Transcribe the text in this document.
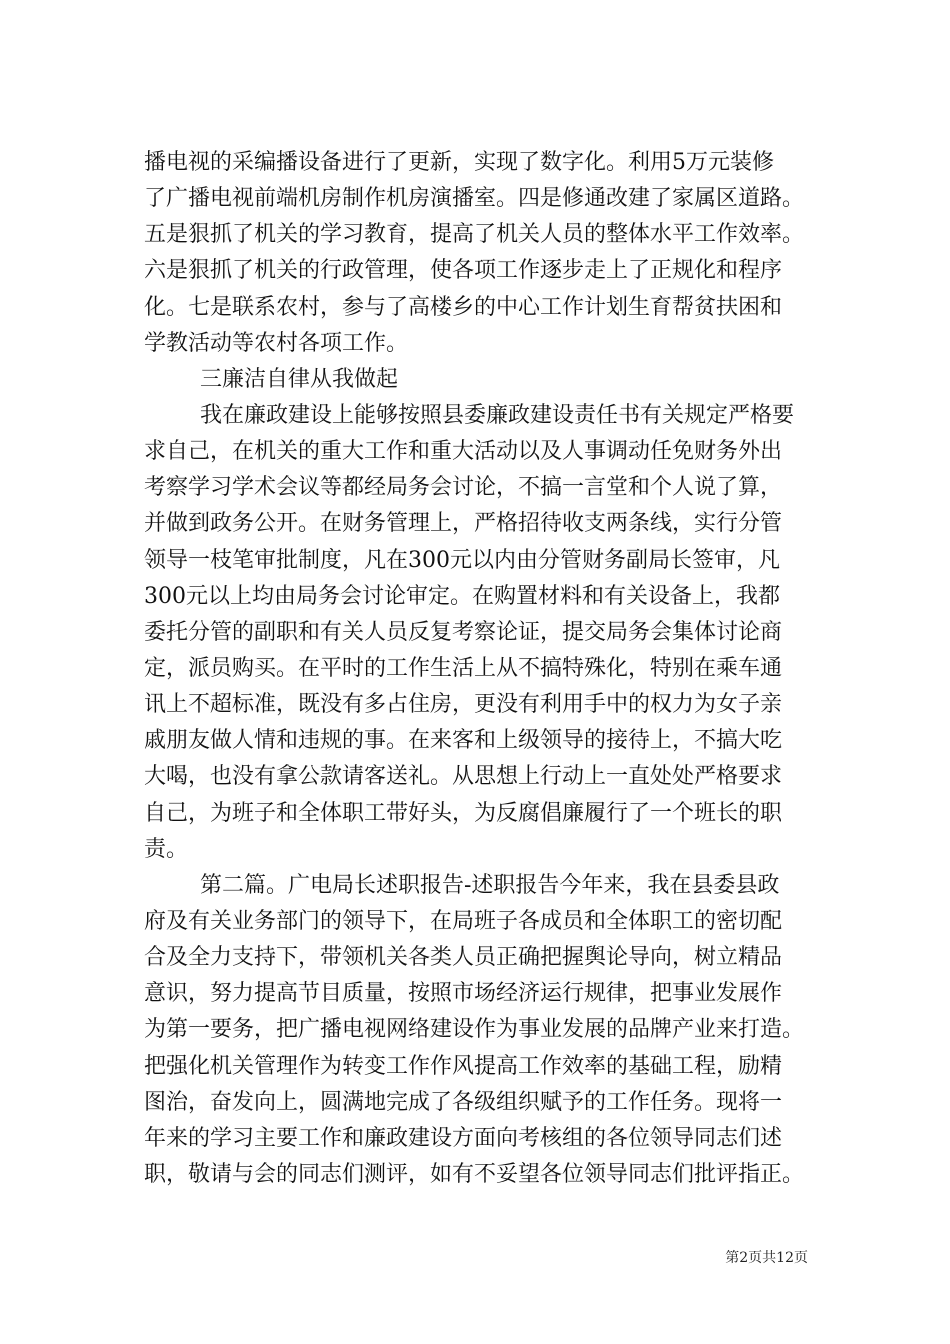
播电视的采编播设备进行了更新，实现了数字化。利用5万元装修
了广播电视前端机房制作机房演播室。四是修通改建了家属区道路。
五是狠抓了机关的学习教育，提高了机关人员的整体水平工作效率。
六是狠抓了机关的行政管理，使各项工作逐步走上了正规化和程序
化。七是联系农村，参与了高楼乡的中心工作计划生育帮贫扶困和
学教活动等农村各项工作。
三廉洁自律从我做起
我在廉政建设上能够按照县委廉政建设责任书有关规定严格要
求自己，在机关的重大工作和重大活动以及人事调动任免财务外出
考察学习学术会议等都经局务会讨论，不搞一言堂和个人说了算，
并做到政务公开。在财务管理上，严格招待收支两条线，实行分管
领导一枝笔审批制度，凡在300元以内由分管财务副局长签审，凡
300元以上均由局务会讨论审定。在购置材料和有关设备上，我都
委托分管的副职和有关人员反复考察论证，提交局务会集体讨论商
定，派员购买。在平时的工作生活上从不搞特殊化，特别在乘车通
讯上不超标准，既没有多占住房，更没有利用手中的权力为女子亲
戚朋友做人情和违规的事。在来客和上级领导的接待上，不搞大吃
大喝，也没有拿公款请客送礼。从思想上行动上一直处处严格要求
自己，为班子和全体职工带好头，为反腐倡廉履行了一个班长的职
责。
第二篇。广电局长述职报告-述职报告今年来，我在县委县政
府及有关业务部门的领导下，在局班子各成员和全体职工的密切配
合及全力支持下，带领机关各类人员正确把握舆论导向，树立精品
意识，努力提高节目质量，按照市场经济运行规律，把事业发展作
为第一要务，把广播电视网络建设作为事业发展的品牌产业来打造。
把强化机关管理作为转变工作作风提高工作效率的基础工程，励精
图治，奋发向上，圆满地完成了各级组织赋予的工作任务。现将一
年来的学习主要工作和廉政建设方面向考核组的各位领导同志们述
职，敬请与会的同志们测评，如有不妥望各位领导同志们批评指正。
第2页共12页
